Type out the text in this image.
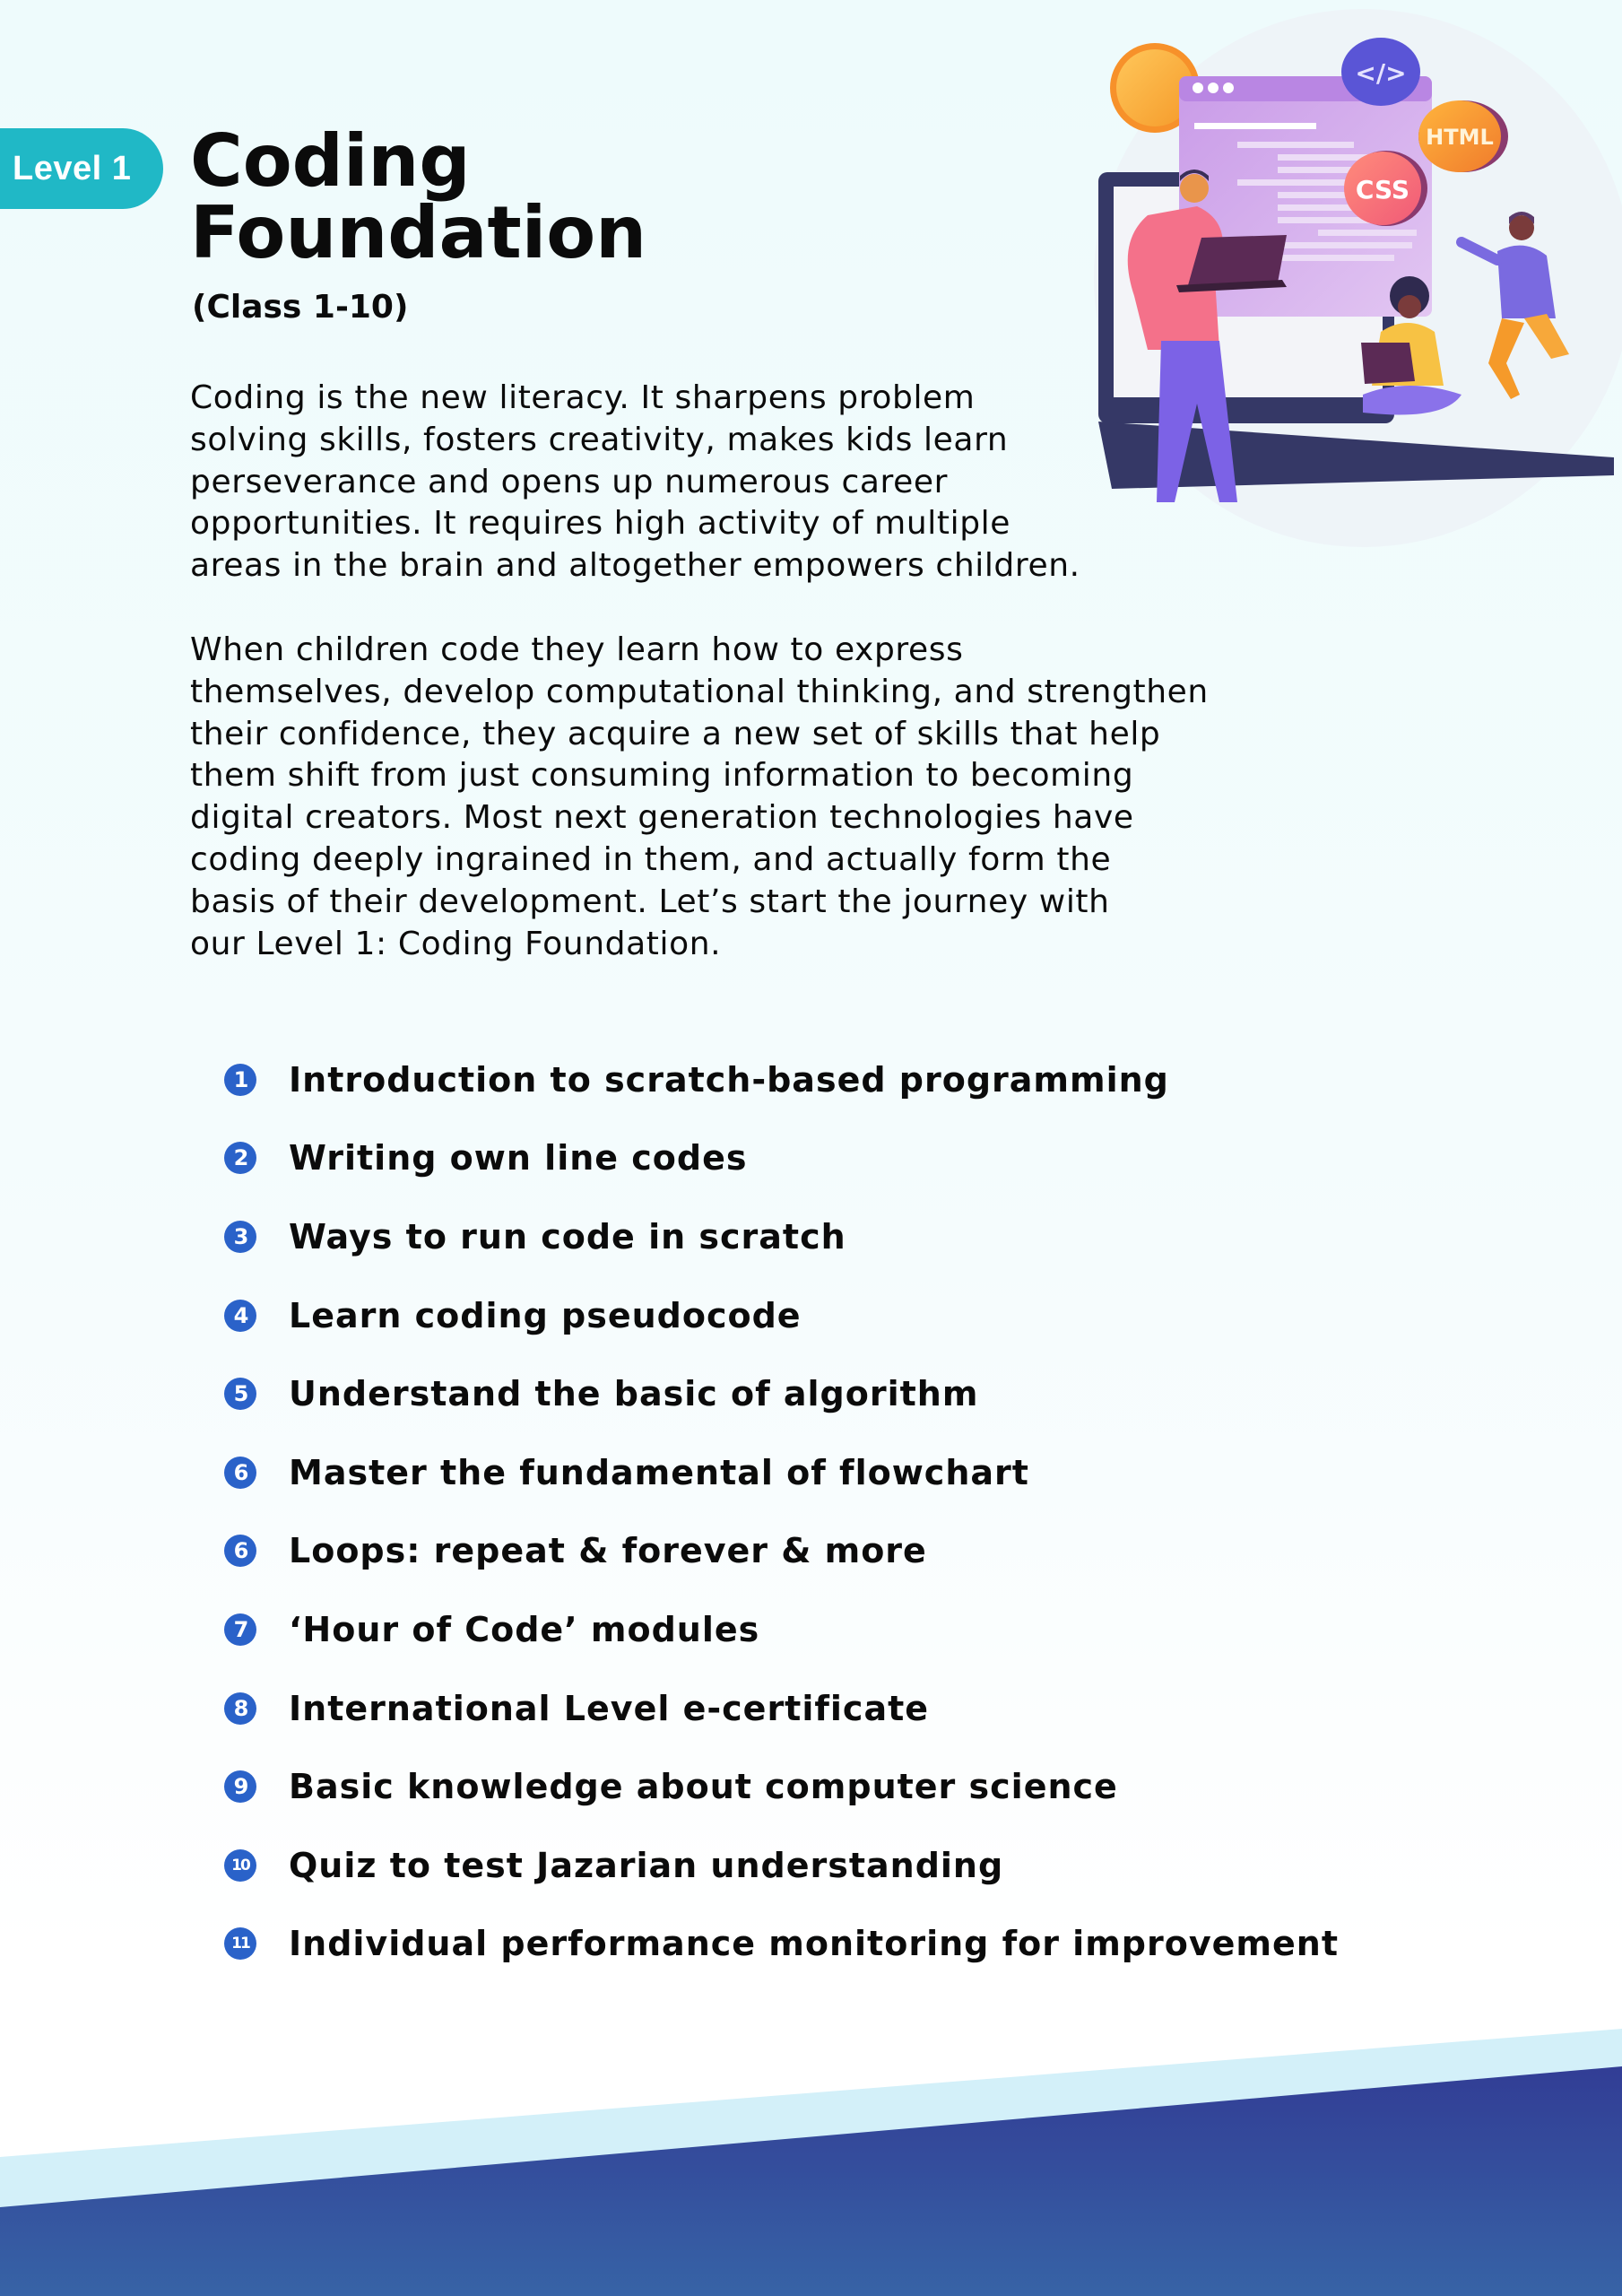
Level 1 Coding
Foundation

(Class 1-10)

Coding is the new literacy. It sharpens problem
solving skills, fosters creativity, makes kids learn
perseverance and opens up numerous career
opportunities. It requires high activity of multiple
areas in the brain and altogether empowers children.
When children code they learn how to express
themselves, develop computational thinking, and strengthen
their confidence, they acquire a new set of skills that help
them shift from just consuming information to becoming
digital creators. Most next generation technologies have
coding deeply ingrained in them, and actually form the
basis of their development. Let’s start the journey with
our Level 1: Coding Foundation.
1 Introduction to scratch-based programming
2 Writing own line codes
3 Ways to run code in scratch
4 Learn coding pseudocode
5 Understand the basic of algorithm
6 Master the fundamental of flowchart
6 Loops: repeat & forever & more
7 ‘Hour of Code’ modules
8 International Level e-certificate
9 Basic knowledge about computer science
10 Quiz to test Jazarian understanding
11 Individual performance monitoring for improvement
</>
HTML
CSS
